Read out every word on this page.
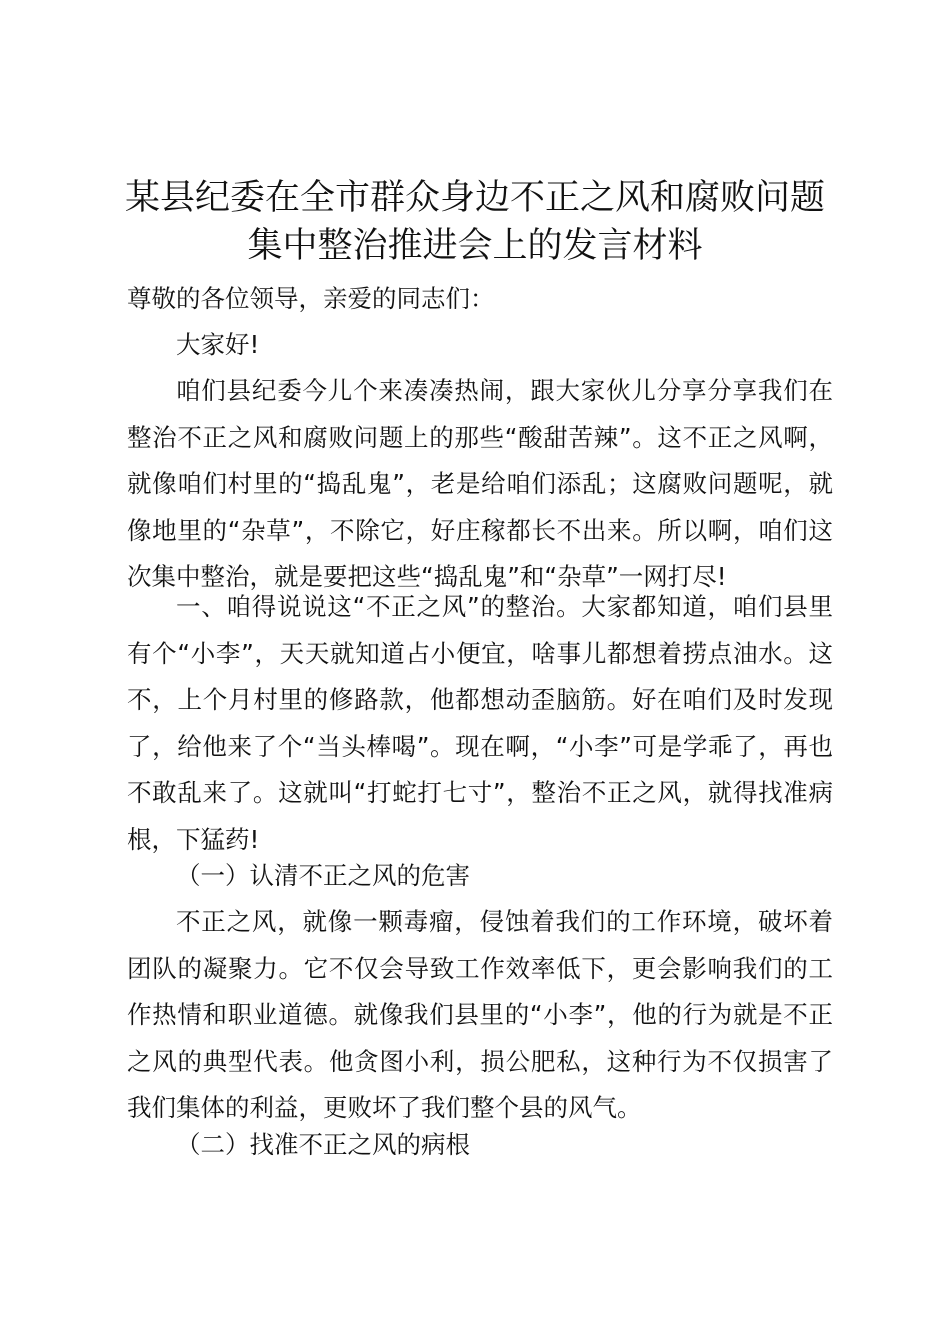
某县纪委在全市群众身边不正之风和腐败问题
集中整治推进会上的发言材料

尊敬的各位领导，亲爱的同志们：

大家好!

咱们县纪委今儿个来凑凑热闹，跟大家伙儿分享分享我们在整治不正之风和腐败问题上的那些“酸甜苦辣”。这不正之风啊，就像咱们村里的“捣乱鬼”，老是给咱们添乱；这腐败问题呢，就像地里的“杂草”，不除它，好庄稼都长不出来。所以啊，咱们这次集中整治，就是要把这些“捣乱鬼”和“杂草”一网打尽!

一、咱得说说这“不正之风”的整治。大家都知道，咱们县里有个“小李”，天天就知道占小便宜，啥事儿都想着捞点油水。这不，上个月村里的修路款，他都想动歪脑筋。好在咱们及时发现了，给他来了个“当头棒喝”。现在啊，“小李”可是学乖了，再也不敢乱来了。这就叫“打蛇打七寸”，整治不正之风，就得找准病根，下猛药!

（一）认清不正之风的危害

不正之风，就像一颗毒瘤，侵蚀着我们的工作环境，破坏着团队的凝聚力。它不仅会导致工作效率低下，更会影响我们的工作热情和职业道德。就像我们县里的“小李”，他的行为就是不正之风的典型代表。他贪图小利，损公肥私，这种行为不仅损害了我们集体的利益，更败坏了我们整个县的风气。

（二）找准不正之风的病根
